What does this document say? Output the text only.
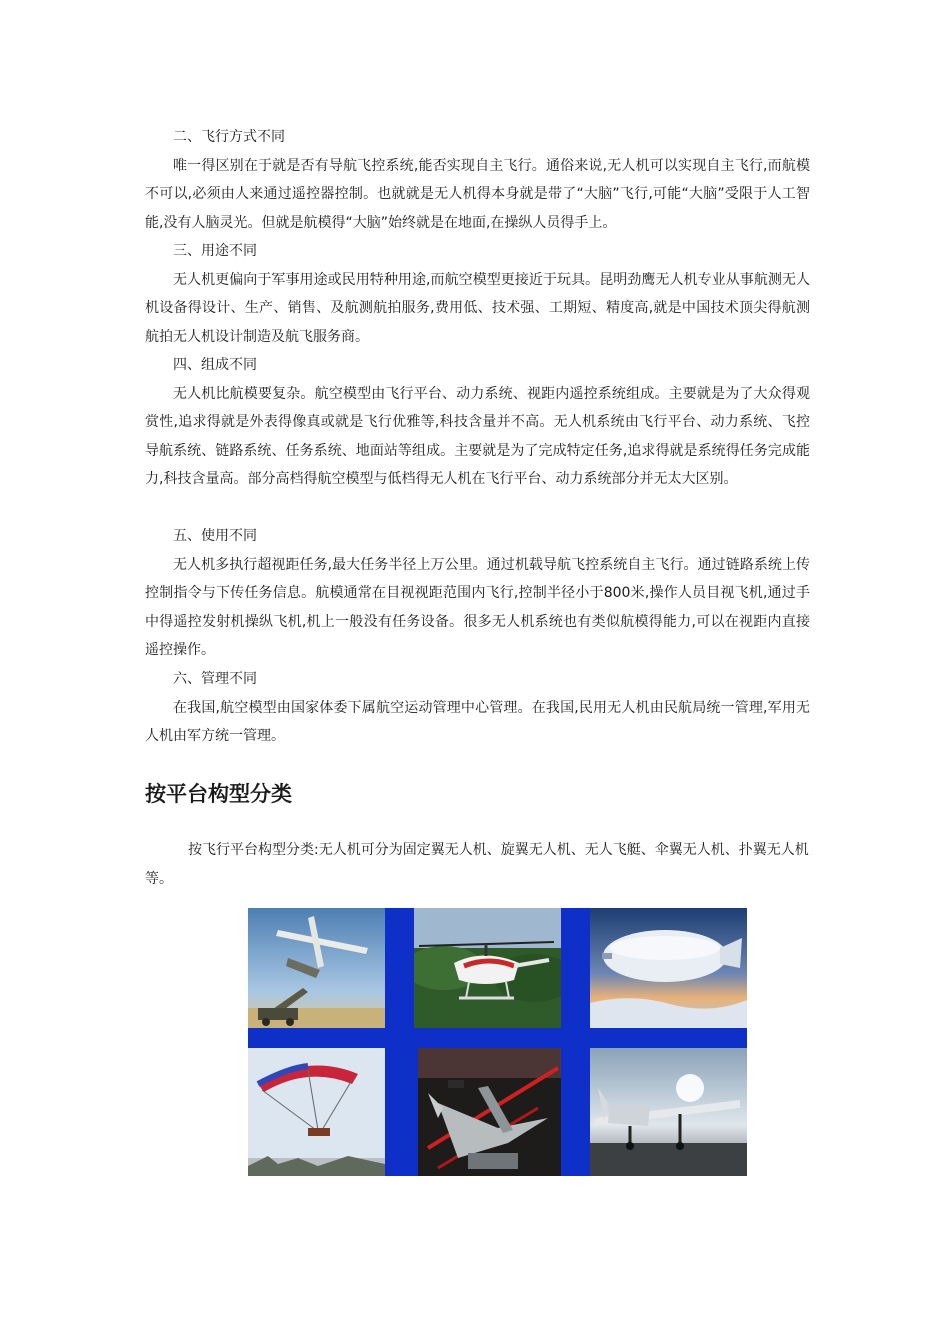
二、飞行方式不同
唯一得区别在于就是否有导航飞控系统,能否实现自主飞行。通俗来说,无人机可以实现自主飞行,而航模不可以,必须由人来通过遥控器控制。也就就是无人机得本身就是带了“大脑”飞行,可能“大脑”受限于人工智能,没有人脑灵光。但就是航模得“大脑”始终就是在地面,在操纵人员得手上。
三、用途不同
无人机更偏向于军事用途或民用特种用途,而航空模型更接近于玩具。昆明劲鹰无人机专业从事航测无人机设备得设计、生产、销售、及航测航拍服务,费用低、技术强、工期短、精度高,就是中国技术顶尖得航测航拍无人机设计制造及航飞服务商。
四、组成不同
无人机比航模要复杂。航空模型由飞行平台、动力系统、视距内遥控系统组成。主要就是为了大众得观赏性,追求得就是外表得像真或就是飞行优雅等,科技含量并不高。无人机系统由飞行平台、动力系统、飞控导航系统、链路系统、任务系统、地面站等组成。主要就是为了完成特定任务,追求得就是系统得任务完成能力,科技含量高。部分高档得航空模型与低档得无人机在飞行平台、动力系统部分并无太大区别。
五、使用不同
无人机多执行超视距任务,最大任务半径上万公里。通过机载导航飞控系统自主飞行。通过链路系统上传控制指令与下传任务信息。航模通常在目视视距范围内飞行,控制半径小于800米,操作人员目视飞机,通过手中得遥控发射机操纵飞机,机上一般没有任务设备。很多无人机系统也有类似航模得能力,可以在视距内直接遥控操作。
六、管理不同
在我国,航空模型由国家体委下属航空运动管理中心管理。在我国,民用无人机由民航局统一管理,军用无人机由军方统一管理。
按平台构型分类
按飞行平台构型分类:无人机可分为固定翼无人机、旋翼无人机、无人飞艇、伞翼无人机、扑翼无人机等。
